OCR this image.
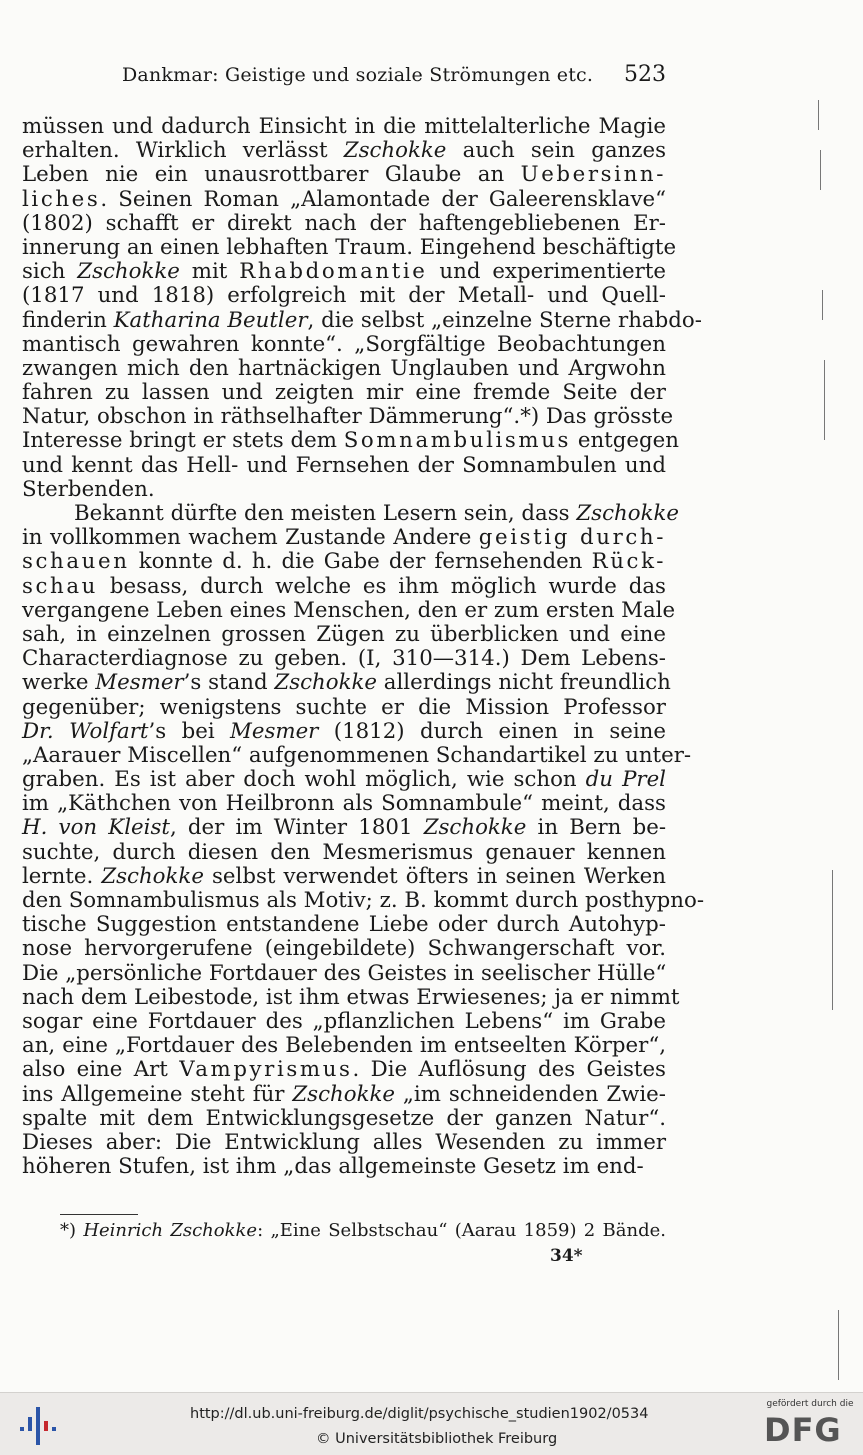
Dankmar: Geistige und soziale Strömungen etc. 523
müssen und dadurch Einsicht in die mittelalterliche Magie
erhalten. Wirklich verlässt Zschokke auch sein ganzes
Leben nie ein unausrottbarer Glaube an Uebersinn-
liches. Seinen Roman „Alamontade der Galeerensklave“
(1802) schafft er direkt nach der haftengebliebenen Er-
innerung an einen lebhaften Traum. Eingehend beschäftigte
sich Zschokke mit Rhabdomantie und experimentierte
(1817 und 1818) erfolgreich mit der Metall- und Quell-
finderin Katharina Beutler, die selbst „einzelne Sterne rhabdo-
mantisch gewahren konnte“. „Sorgfältige Beobachtungen
zwangen mich den hartnäckigen Unglauben und Argwohn
fahren zu lassen und zeigten mir eine fremde Seite der
Natur, obschon in räthselhafter Dämmerung“.*) Das grösste
Interesse bringt er stets dem Somnambulismus entgegen
und kennt das Hell- und Fernsehen der Somnambulen und
Sterbenden.
Bekannt dürfte den meisten Lesern sein, dass Zschokke
in vollkommen wachem Zustande Andere geistig durch-
schauen konnte d. h. die Gabe der fernsehenden Rück-
schau besass, durch welche es ihm möglich wurde das
vergangene Leben eines Menschen, den er zum ersten Male
sah, in einzelnen grossen Zügen zu überblicken und eine
Characterdiagnose zu geben. (I, 310—314.) Dem Lebens-
werke Mesmer’s stand Zschokke allerdings nicht freundlich
gegenüber; wenigstens suchte er die Mission Professor
Dr. Wolfart’s bei Mesmer (1812) durch einen in seine
„Aarauer Miscellen“ aufgenommenen Schandartikel zu unter-
graben. Es ist aber doch wohl möglich, wie schon du Prel
im „Käthchen von Heilbronn als Somnambule“ meint, dass
H. von Kleist, der im Winter 1801 Zschokke in Bern be-
suchte, durch diesen den Mesmerismus genauer kennen
lernte. Zschokke selbst verwendet öfters in seinen Werken
den Somnambulismus als Motiv; z. B. kommt durch posthypno-
tische Suggestion entstandene Liebe oder durch Autohyp-
nose hervorgerufene (eingebildete) Schwangerschaft vor.
Die „persönliche Fortdauer des Geistes in seelischer Hülle“
nach dem Leibestode, ist ihm etwas Erwiesenes; ja er nimmt
sogar eine Fortdauer des „pflanzlichen Lebens“ im Grabe
an, eine „Fortdauer des Belebenden im entseelten Körper“,
also eine Art Vampyrismus. Die Auflösung des Geistes
ins Allgemeine steht für Zschokke „im schneidenden Zwie-
spalte mit dem Entwicklungsgesetze der ganzen Natur“.
Dieses aber: Die Entwicklung alles Wesenden zu immer
höheren Stufen, ist ihm „das allgemeinste Gesetz im end-
*) Heinrich Zschokke: „Eine Selbstschau“ (Aarau 1859) 2 Bände.
34*
http://dl.ub.uni-freiburg.de/diglit/psychische_studien1902/0534
© Universitätsbibliothek Freiburg
gefördert durch die
DFG
